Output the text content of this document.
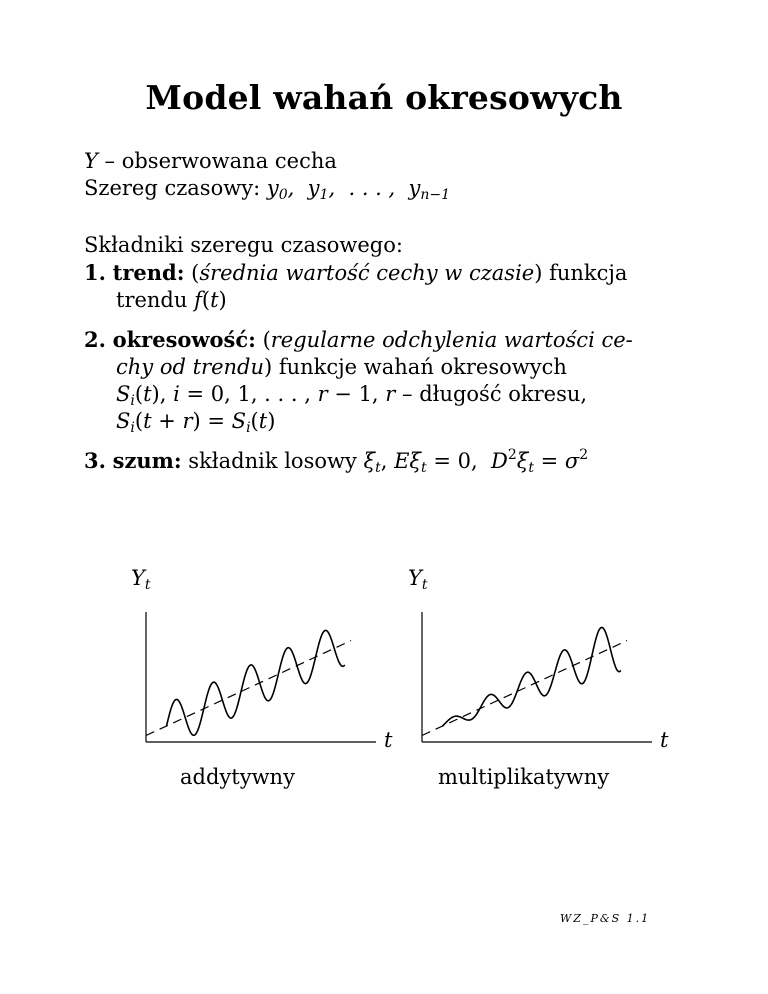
Model wahań okresowych
Y – obserwowana cecha
Szereg czasowy: $y_0$,  $y_1$,  . . . ,  $y_{n-1}$
Składniki szeregu czasowego:
1. trend: (średnia wartość cechy w czasie) funkcja
trendu f(t)
2. okresowość: (regularne odchylenia wartości ce-
chy od trendu) funkcje wahań okresowych
$S_i(t)$, i = 0, 1, . . . , r − 1, r – długość okresu,
$S_i(t + r) = S_i(t)$
3. szum: składnik losowy $\xi_t$, $E\xi_t = 0$,  $D^2\xi_t = \sigma^2$
$Y_t$
t
addytywny
$Y_t$
t
multiplikatywny
WZ_P&S 1.1
